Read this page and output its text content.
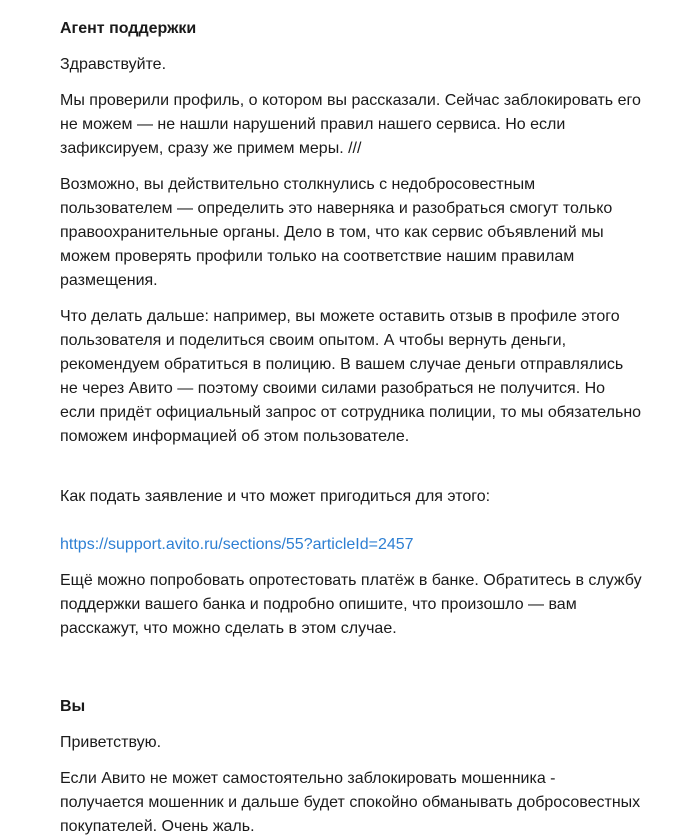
Агент поддержки
Здравствуйте.
Мы проверили профиль, о котором вы рассказали. Сейчас заблокировать его
не можем — не нашли нарушений правил нашего сервиса. Но если
зафиксируем, сразу же примем меры. ///
Возможно, вы действительно столкнулись с недобросовестным
пользователем — определить это наверняка и разобраться смогут только
правоохранительные органы. Дело в том, что как сервис объявлений мы
можем проверять профили только на соответствие нашим правилам
размещения.
Что делать дальше: например, вы можете оставить отзыв в профиле этого
пользователя и поделиться своим опытом. А чтобы вернуть деньги,
рекомендуем обратиться в полицию. В вашем случае деньги отправлялись
не через Авито — поэтому своими силами разобраться не получится. Но
если придёт официальный запрос от сотрудника полиции, то мы обязательно
поможем информацией об этом пользователе.

Как подать заявление и что может пригодиться для этого:

https://support.avito.ru/sections/55?articleId=2457

Ещё можно попробовать опротестовать платёж в банке. Обратитесь в службу
поддержки вашего банка и подробно опишите, что произошло — вам
расскажут, что можно сделать в этом случае.
Вы
Приветствую.
Если Авито не может самостоятельно заблокировать мошенника -
получается мошенник и дальше будет спокойно обманывать добросовестных
покупателей. Очень жаль.
